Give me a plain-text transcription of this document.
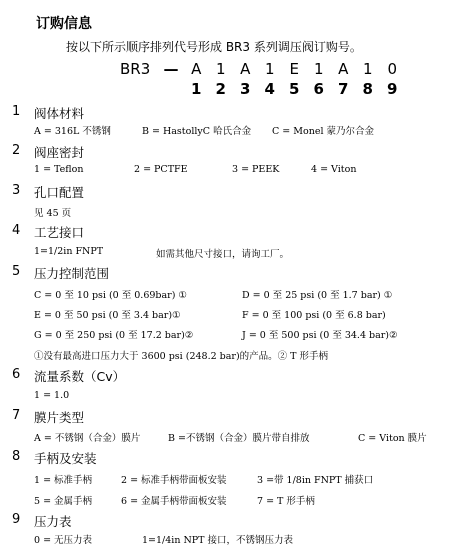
订购信息
按以下所示顺序排列代号形成 BR3 系列调压阀订购号。
BR3 — A 1 A 1 E 1 A 1 0
1 2 3 4 5 6 7 8 9
1 阀体材料
A = 316L 不锈钢	B = HastollyC 哈氏合金 C = Monel 蒙乃尔合金
2 阀座密封
1 = Teflon	2 = PCTFE	3 = PEEK	4 = Viton
3 孔口配置
见 45 页
4 工艺接口
1=1/2in FNPT	如需其他尺寸接口，请询工厂。
5 压力控制范围
C = 0 至 10 psi (0 至 0.69bar) ①	D = 0 至 25 psi (0 至 1.7 bar) ①
E = 0 至 50 psi (0 至 3.4 bar)①	F = 0 至 100 psi (0 至 6.8 bar)
G = 0 至 250 psi (0 至 17.2 bar)②	J = 0 至 500 psi (0 至 34.4 bar)②
①没有最高进口压力大于 3600 psi (248.2 bar)的产品。② T 形手柄
6 流量系数（Cv）
1 = 1.0
7 膜片类型
A = 不锈钢（合金）膜片	B =不锈钢（合金）膜片带自排放	C = Viton 膜片
8 手柄及安装
1 = 标准手柄	2 = 标准手柄带面板安装	3 =带 1/8in FNPT 捕获口
5 = 金属手柄	6 = 金属手柄带面板安装	7 = T 形手柄
9 压力表
0 = 无压力表	1=1/4in NPT 接口，不锈钢压力表
